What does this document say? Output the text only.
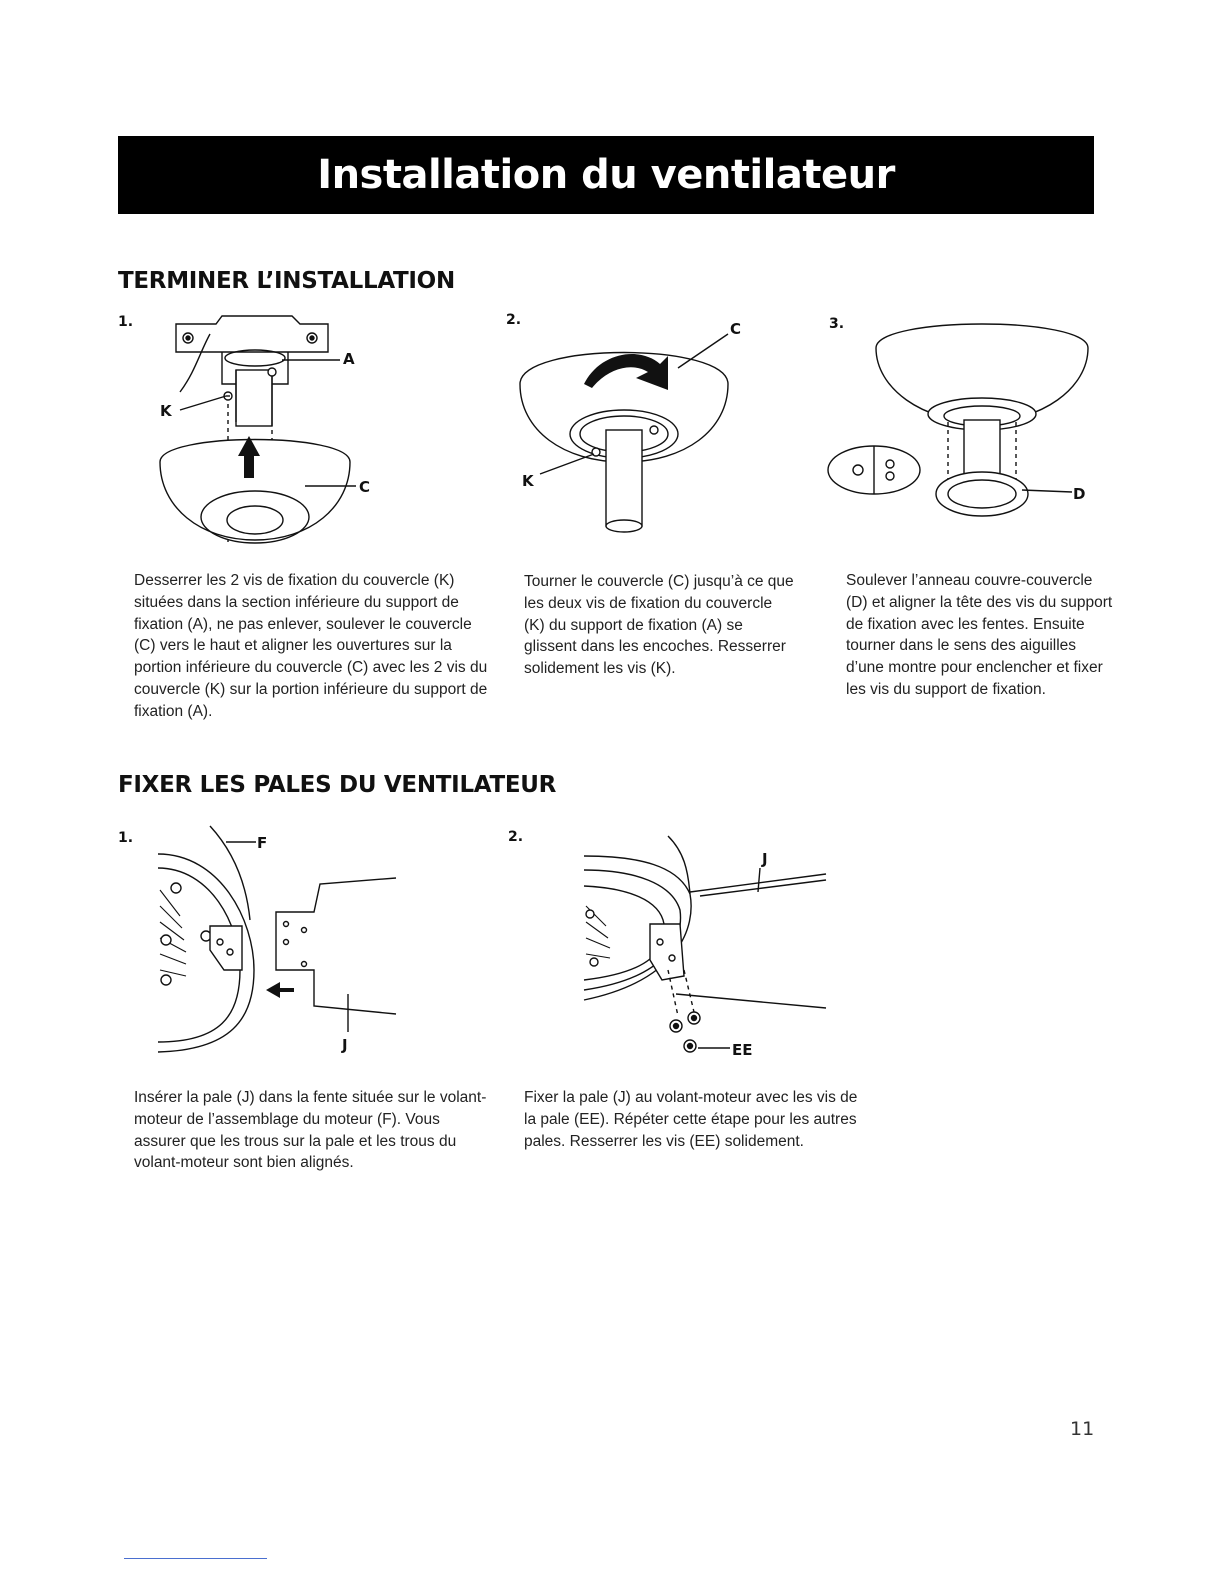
Installation du ventilateur
TERMINER L’INSTALLATION
1.	2.	3.
A
K
C
C
K
D
Desserrer les 2 vis de fixation du couvercle (K) situées dans la section inférieure du support de fixation (A), ne pas enlever, soulever le couvercle (C) vers le haut et aligner les ouvertures sur la portion inférieure du couvercle (C) avec les 2 vis du couvercle (K) sur la portion inférieure du support de fixation (A).
Tourner le couvercle (C) jusqu’à ce que les deux vis de fixation du couvercle (K) du support de fixation (A) se glissent dans les encoches. Resserrer solidement les vis (K).
Soulever l’anneau couvre-couvercle (D) et aligner la tête des vis du support de fixation avec les fentes. Ensuite tourner dans le sens des aiguilles d’une montre pour enclencher et fixer les vis du support de fixation.
FIXER LES PALES DU VENTILATEUR
1.	2.
F
J
J
EE
Insérer la pale (J) dans la fente située sur le volant-moteur de l’assemblage du moteur (F). Vous assurer que les trous sur la pale et les trous du volant-moteur sont bien alignés.
Fixer la pale (J) au volant-moteur avec les vis de la pale (EE). Répéter cette étape pour les autres pales. Resserrer les vis (EE) solidement.
11
